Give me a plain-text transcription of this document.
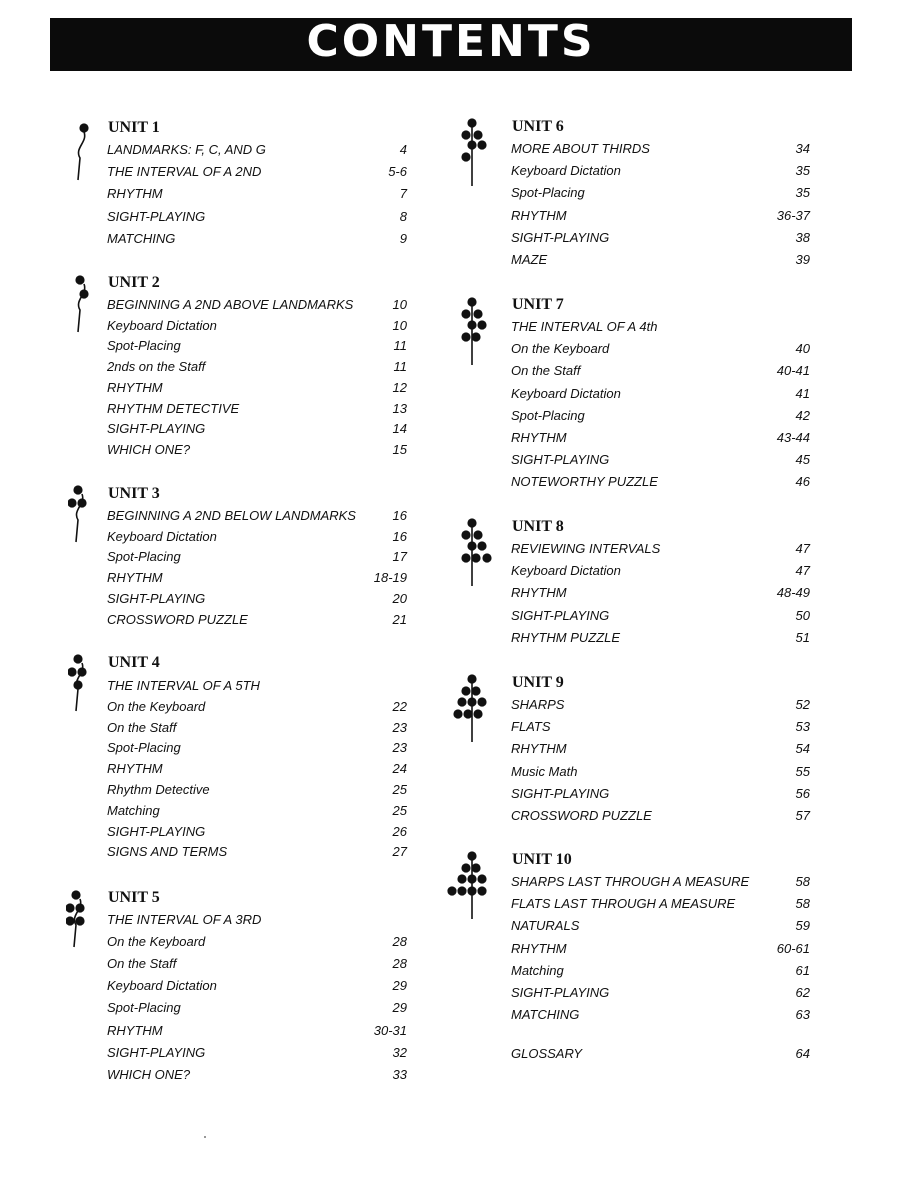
CONTENTS
UNIT 1
LANDMARKS: F, C, AND G	4
THE INTERVAL OF A 2ND	5-6
RHYTHM	7
SIGHT-PLAYING	8
MATCHING	9
UNIT 2
BEGINNING A 2ND ABOVE LANDMARKS	10
Keyboard Dictation	10
Spot-Placing	11
2nds on the Staff	11
RHYTHM	12
RHYTHM DETECTIVE	13
SIGHT-PLAYING	14
WHICH ONE?	15
UNIT 3
BEGINNING A 2ND BELOW LANDMARKS	16
Keyboard Dictation	16
Spot-Placing	17
RHYTHM	18-19
SIGHT-PLAYING	20
CROSSWORD PUZZLE	21
UNIT 4
THE INTERVAL OF A 5TH
On the Keyboard	22
On the Staff	23
Spot-Placing	23
RHYTHM	24
Rhythm Detective	25
Matching	25
SIGHT-PLAYING	26
SIGNS AND TERMS	27
UNIT 5
THE INTERVAL OF A 3RD
On the Keyboard	28
On the Staff	28
Keyboard Dictation	29
Spot-Placing	29
RHYTHM	30-31
SIGHT-PLAYING	32
WHICH ONE?	33
UNIT 6
MORE ABOUT THIRDS	34
Keyboard Dictation	35
Spot-Placing	35
RHYTHM	36-37
SIGHT-PLAYING	38
MAZE	39
UNIT 7
THE INTERVAL OF A 4th
On the Keyboard	40
On the Staff	40-41
Keyboard Dictation	41
Spot-Placing	42
RHYTHM	43-44
SIGHT-PLAYING	45
NOTEWORTHY PUZZLE	46
UNIT 8
REVIEWING INTERVALS	47
Keyboard Dictation	47
RHYTHM	48-49
SIGHT-PLAYING	50
RHYTHM PUZZLE	51
UNIT 9
SHARPS	52
FLATS	53
RHYTHM	54
Music Math	55
SIGHT-PLAYING	56
CROSSWORD PUZZLE	57
UNIT 10
SHARPS LAST THROUGH A MEASURE	58
FLATS LAST THROUGH A MEASURE	58
NATURALS	59
RHYTHM	60-61
Matching	61
SIGHT-PLAYING	62
MATCHING	63
GLOSSARY	64
